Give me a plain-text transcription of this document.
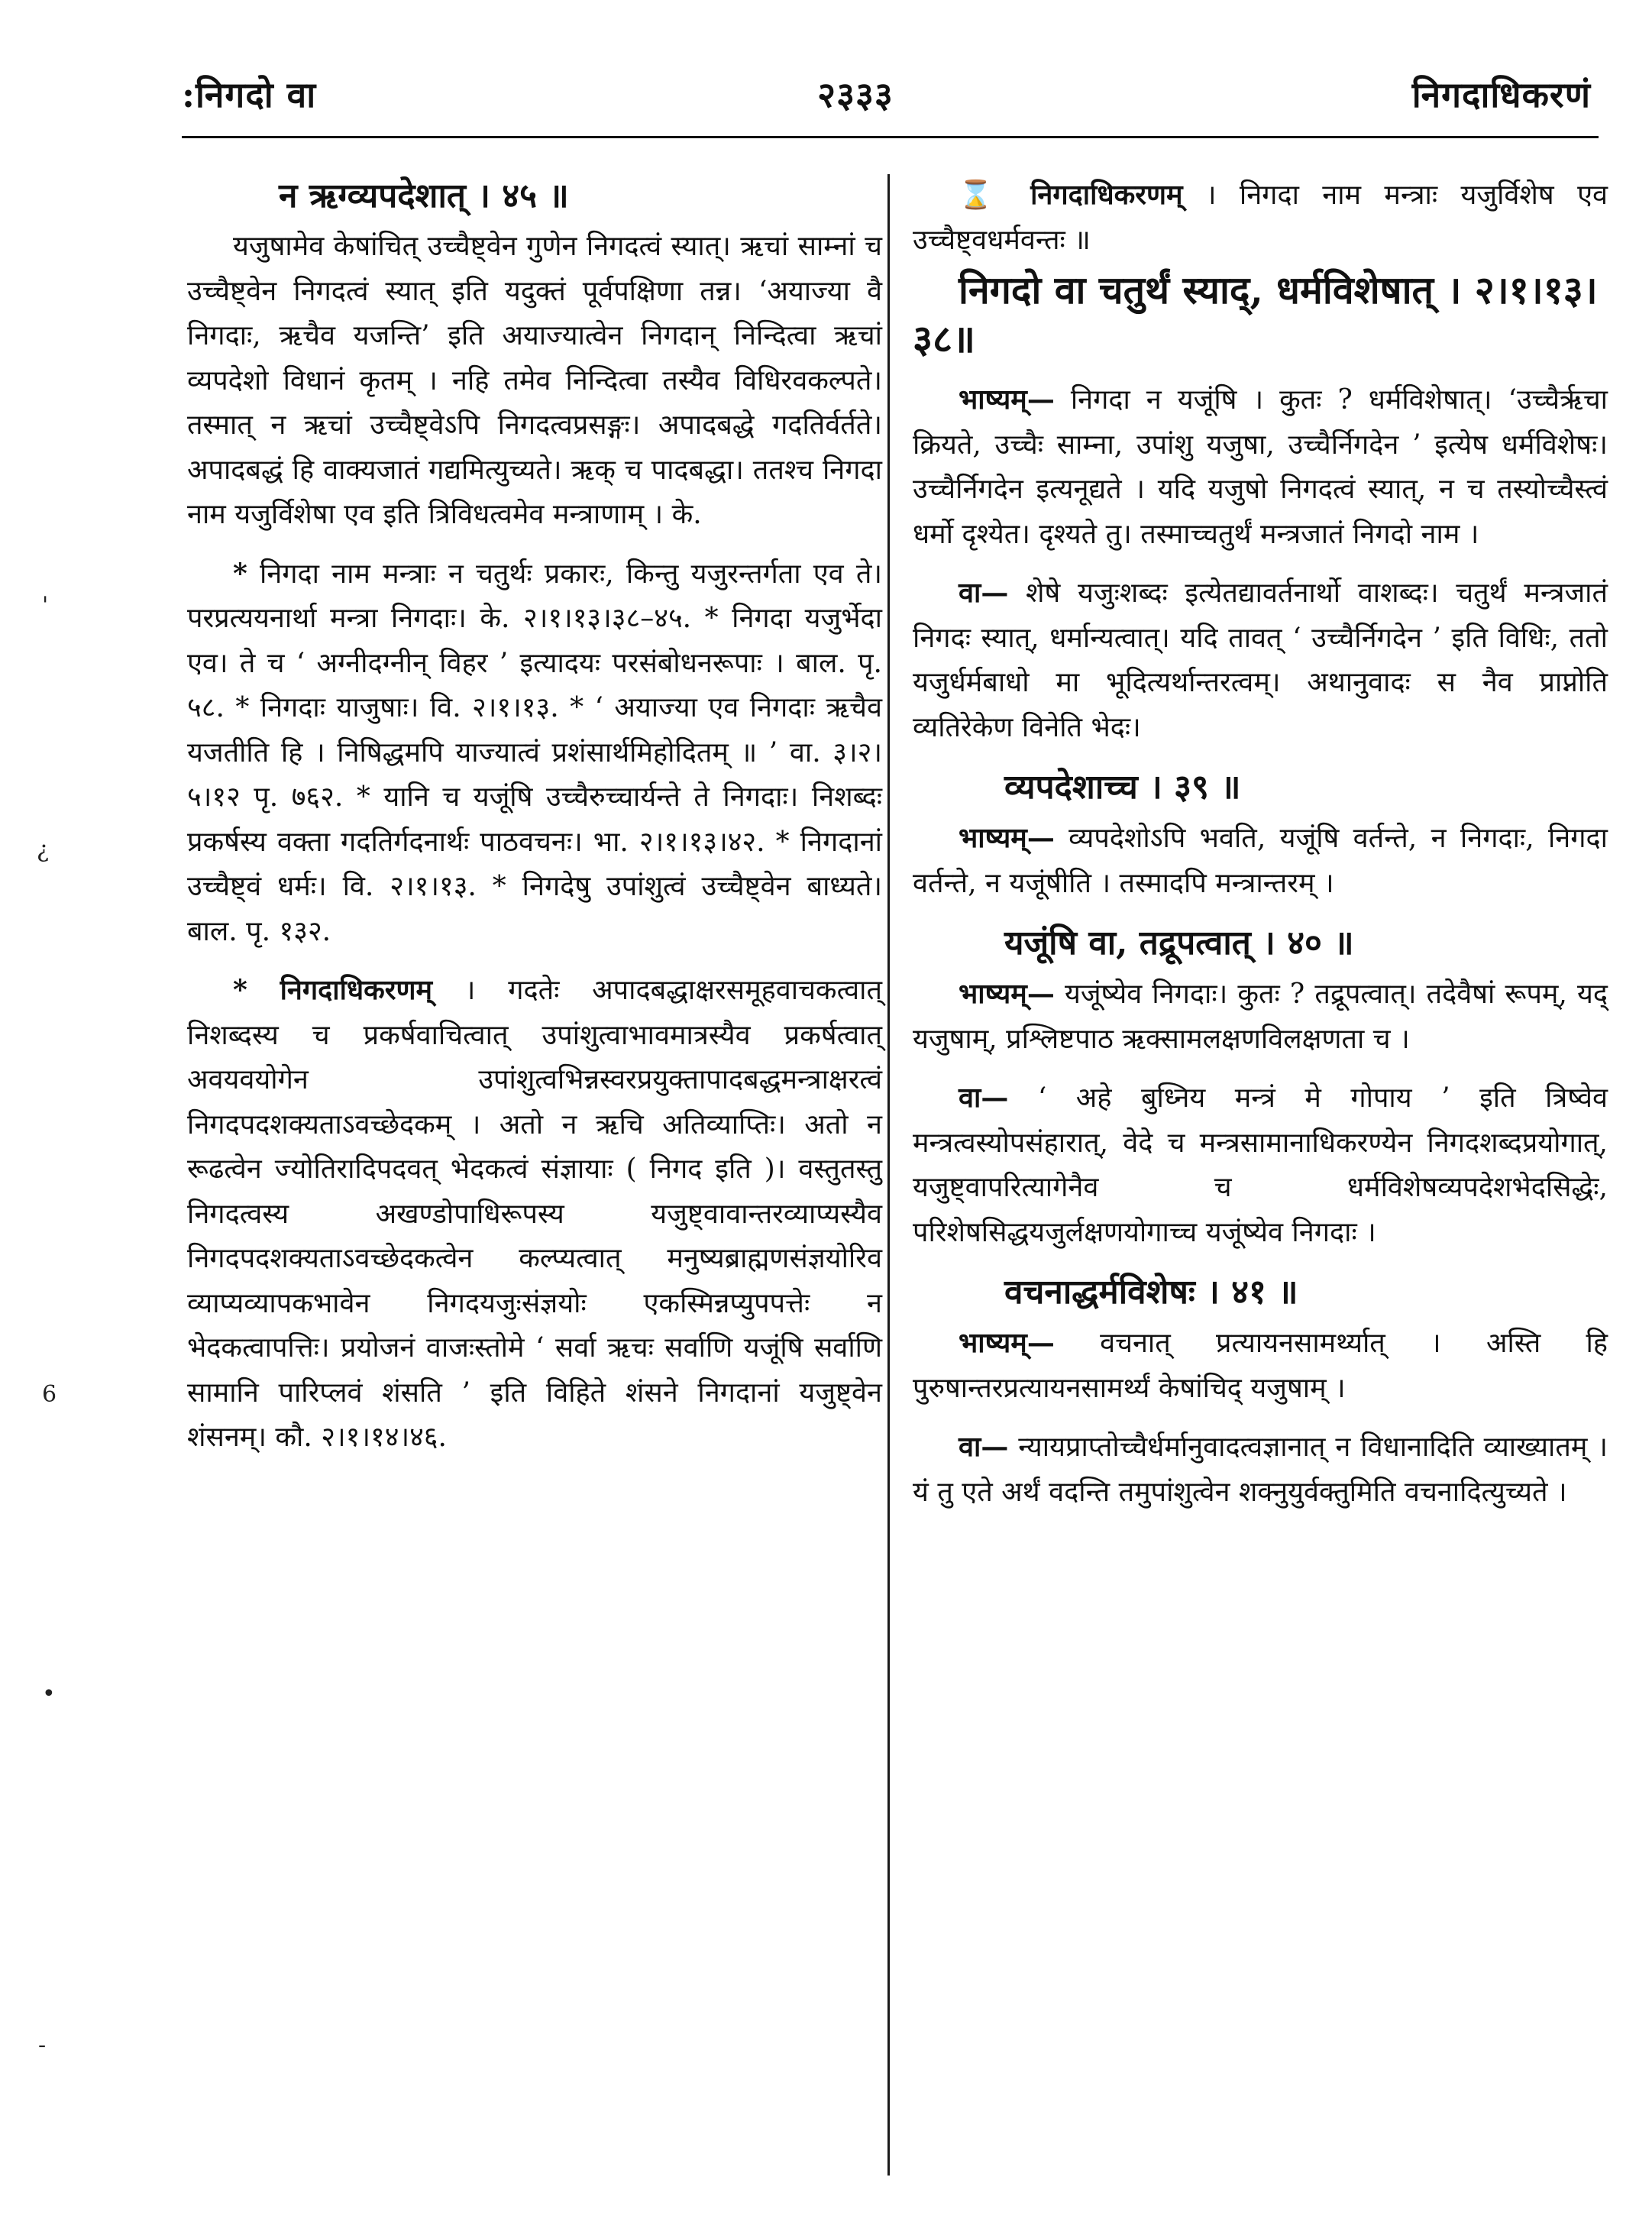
:निगदो वा	२३३३	निगदाधिकरणं
'
¿
6
•
-
न ऋग्व्यपदेशात् । ४५ ॥

यजुषामेव केषांचित् उच्चैष्ट्वेन गुणेन निगदत्वं स्यात्। ऋचां साम्नां च उच्चैष्ट्वेन निगदत्वं स्यात् इति यदुक्तं पूर्वपक्षिणा तन्न। ‘अयाज्या वै निगदाः, ऋचैव यजन्ति’ इति अयाज्यात्वेन निगदान् निन्दित्वा ऋचां व्यपदेशो विधानं कृतम् । नहि तमेव निन्दित्वा तस्यैव विधिरवकल्पते। तस्मात् न ऋचां उच्चैष्ट्वेऽपि निगदत्वप्रसङ्गः। अपादबद्धे गदतिर्वर्तते। अपादबद्धं हि वाक्यजातं गद्यमित्युच्यते। ऋक् च पादबद्धा। ततश्च निगदा नाम यजुर्विशेषा एव इति त्रिविधत्वमेव मन्त्राणाम् । के.

* निगदा नाम मन्त्राः न चतुर्थः प्रकारः, किन्तु यजुरन्तर्गता एव ते। परप्रत्ययनार्था मन्त्रा निगदाः। के. २।१।१३।३८–४५. * निगदा यजुर्भेदा एव। ते च ‘ अग्नीदग्नीन् विहर ’ इत्यादयः परसंबोधनरूपाः । बाल. पृ. ५८. * निगदाः याजुषाः। वि. २।१।१३. * ‘ अयाज्या एव निगदाः ऋचैव यजतीति हि । निषिद्धमपि याज्यात्वं प्रशंसार्थमिहोदितम् ॥ ’ वा. ३।२। ५।१२ पृ. ७६२. * यानि च यजूंषि उच्चैरुच्चार्यन्ते ते निगदाः। निशब्दः प्रकर्षस्य वक्ता गदतिर्गदनार्थः पाठवचनः। भा. २।१।१३।४२. * निगदानां उच्चैष्ट्वं धर्मः। वि. २।१।१३. * निगदेषु उपांशुत्वं उच्चैष्ट्वेन बाध्यते। बाल. पृ. १३२.

* निगदाधिकरणम् । गदतेः अपादबद्धाक्षरसमूहवाचकत्वात् निशब्दस्य च प्रकर्षवाचित्वात् उपांशुत्वाभावमात्रस्यैव प्रकर्षत्वात् अवयवयोगेन उपांशुत्वभिन्नस्वरप्रयुक्तापादबद्धमन्त्राक्षरत्वं निगदपदशक्यताऽवच्छेदकम् । अतो न ऋचि अतिव्याप्तिः। अतो न रूढत्वेन ज्योतिरादिपदवत् भेदकत्वं संज्ञायाः ( निगद इति )। वस्तुतस्तु निगदत्वस्य अखण्डोपाधिरूपस्य यजुष्ट्वावान्तरव्याप्यस्यैव निगदपदशक्यताऽवच्छेदकत्वेन कल्प्यत्वात् मनुष्यब्राह्मणसंज्ञयोरिव व्याप्यव्यापकभावेन निगदयजुःसंज्ञयोः एकस्मिन्नप्युपपत्तेः न भेदकत्वापत्तिः। प्रयोजनं वाजःस्तोमे ‘ सर्वा ऋचः सर्वाणि यजूंषि सर्वाणि सामानि पारिप्लवं शंसति ’ इति विहिते शंसने निगदानां यजुष्ट्वेन शंसनम्। कौ. २।१।१४।४६.

⌛ निगदाधिकरणम् । निगदा नाम मन्त्राः यजुर्विशेष एव उच्चैष्ट्वधर्मवन्तः ॥

निगदो वा चतुर्थं स्याद्, धर्मविशेषात् । २।१।१३।३८॥

भाष्यम्— निगदा न यजूंषि । कुतः ? धर्मविशेषात्। ‘उच्चैर्ऋचा क्रियते, उच्चैः साम्ना, उपांशु यजुषा, उच्चैर्निगदेन ’ इत्येष धर्मविशेषः। उच्चैर्निगदेन इत्यनूद्यते । यदि यजुषो निगदत्वं स्यात्, न च तस्योच्चैस्त्वं धर्मो दृश्येत। दृश्यते तु। तस्माच्चतुर्थं मन्त्रजातं निगदो नाम ।

वा— शेषे यजुःशब्दः इत्येतद्यावर्तनार्थो वाशब्दः। चतुर्थं मन्त्रजातं निगदः स्यात्, धर्मान्यत्वात्। यदि तावत् ‘ उच्चैर्निगदेन ’ इति विधिः, ततो यजुर्धर्मबाधो मा भूदित्यर्थान्तरत्वम्। अथानुवादः स नैव प्राप्नोति व्यतिरेकेण विनेति भेदः।

व्यपदेशाच्च । ३९ ॥

भाष्यम्— व्यपदेशोऽपि भवति, यजूंषि वर्तन्ते, न निगदाः, निगदा वर्तन्ते, न यजूंषीति । तस्मादपि मन्त्रान्तरम् ।

यजूंषि वा, तद्रूपत्वात् । ४० ॥

भाष्यम्— यजूंष्येव निगदाः। कुतः ? तद्रूपत्वात्। तदेवैषां रूपम्, यद् यजुषाम्, प्रश्लिष्टपाठ ऋक्सामलक्षणविलक्षणता च ।

वा— ‘ अहे बुध्निय मन्त्रं मे गोपाय ’ इति त्रिष्वेव मन्त्रत्वस्योपसंहारात्, वेदे च मन्त्रसामानाधिकरण्येन निगदशब्दप्रयोगात्, यजुष्ट्वापरित्यागेनैव च धर्मविशेषव्यपदेशभेदसिद्धेः, परिशेषसिद्धयजुर्लक्षणयोगाच्च यजूंष्येव निगदाः ।

वचनाद्धर्मविशेषः । ४१ ॥

भाष्यम्— वचनात् प्रत्यायनसामर्थ्यात् । अस्ति हि पुरुषान्तरप्रत्यायनसामर्थ्यं केषांचिद् यजुषाम् ।

वा— न्यायप्राप्तोच्चैर्धर्मानुवादत्वज्ञानात् न विधानादिति व्याख्यातम् । यं तु एते अर्थं वदन्ति तमुपांशुत्वेन शक्नुयुर्वक्तुमिति वचनादित्युच्यते ।
